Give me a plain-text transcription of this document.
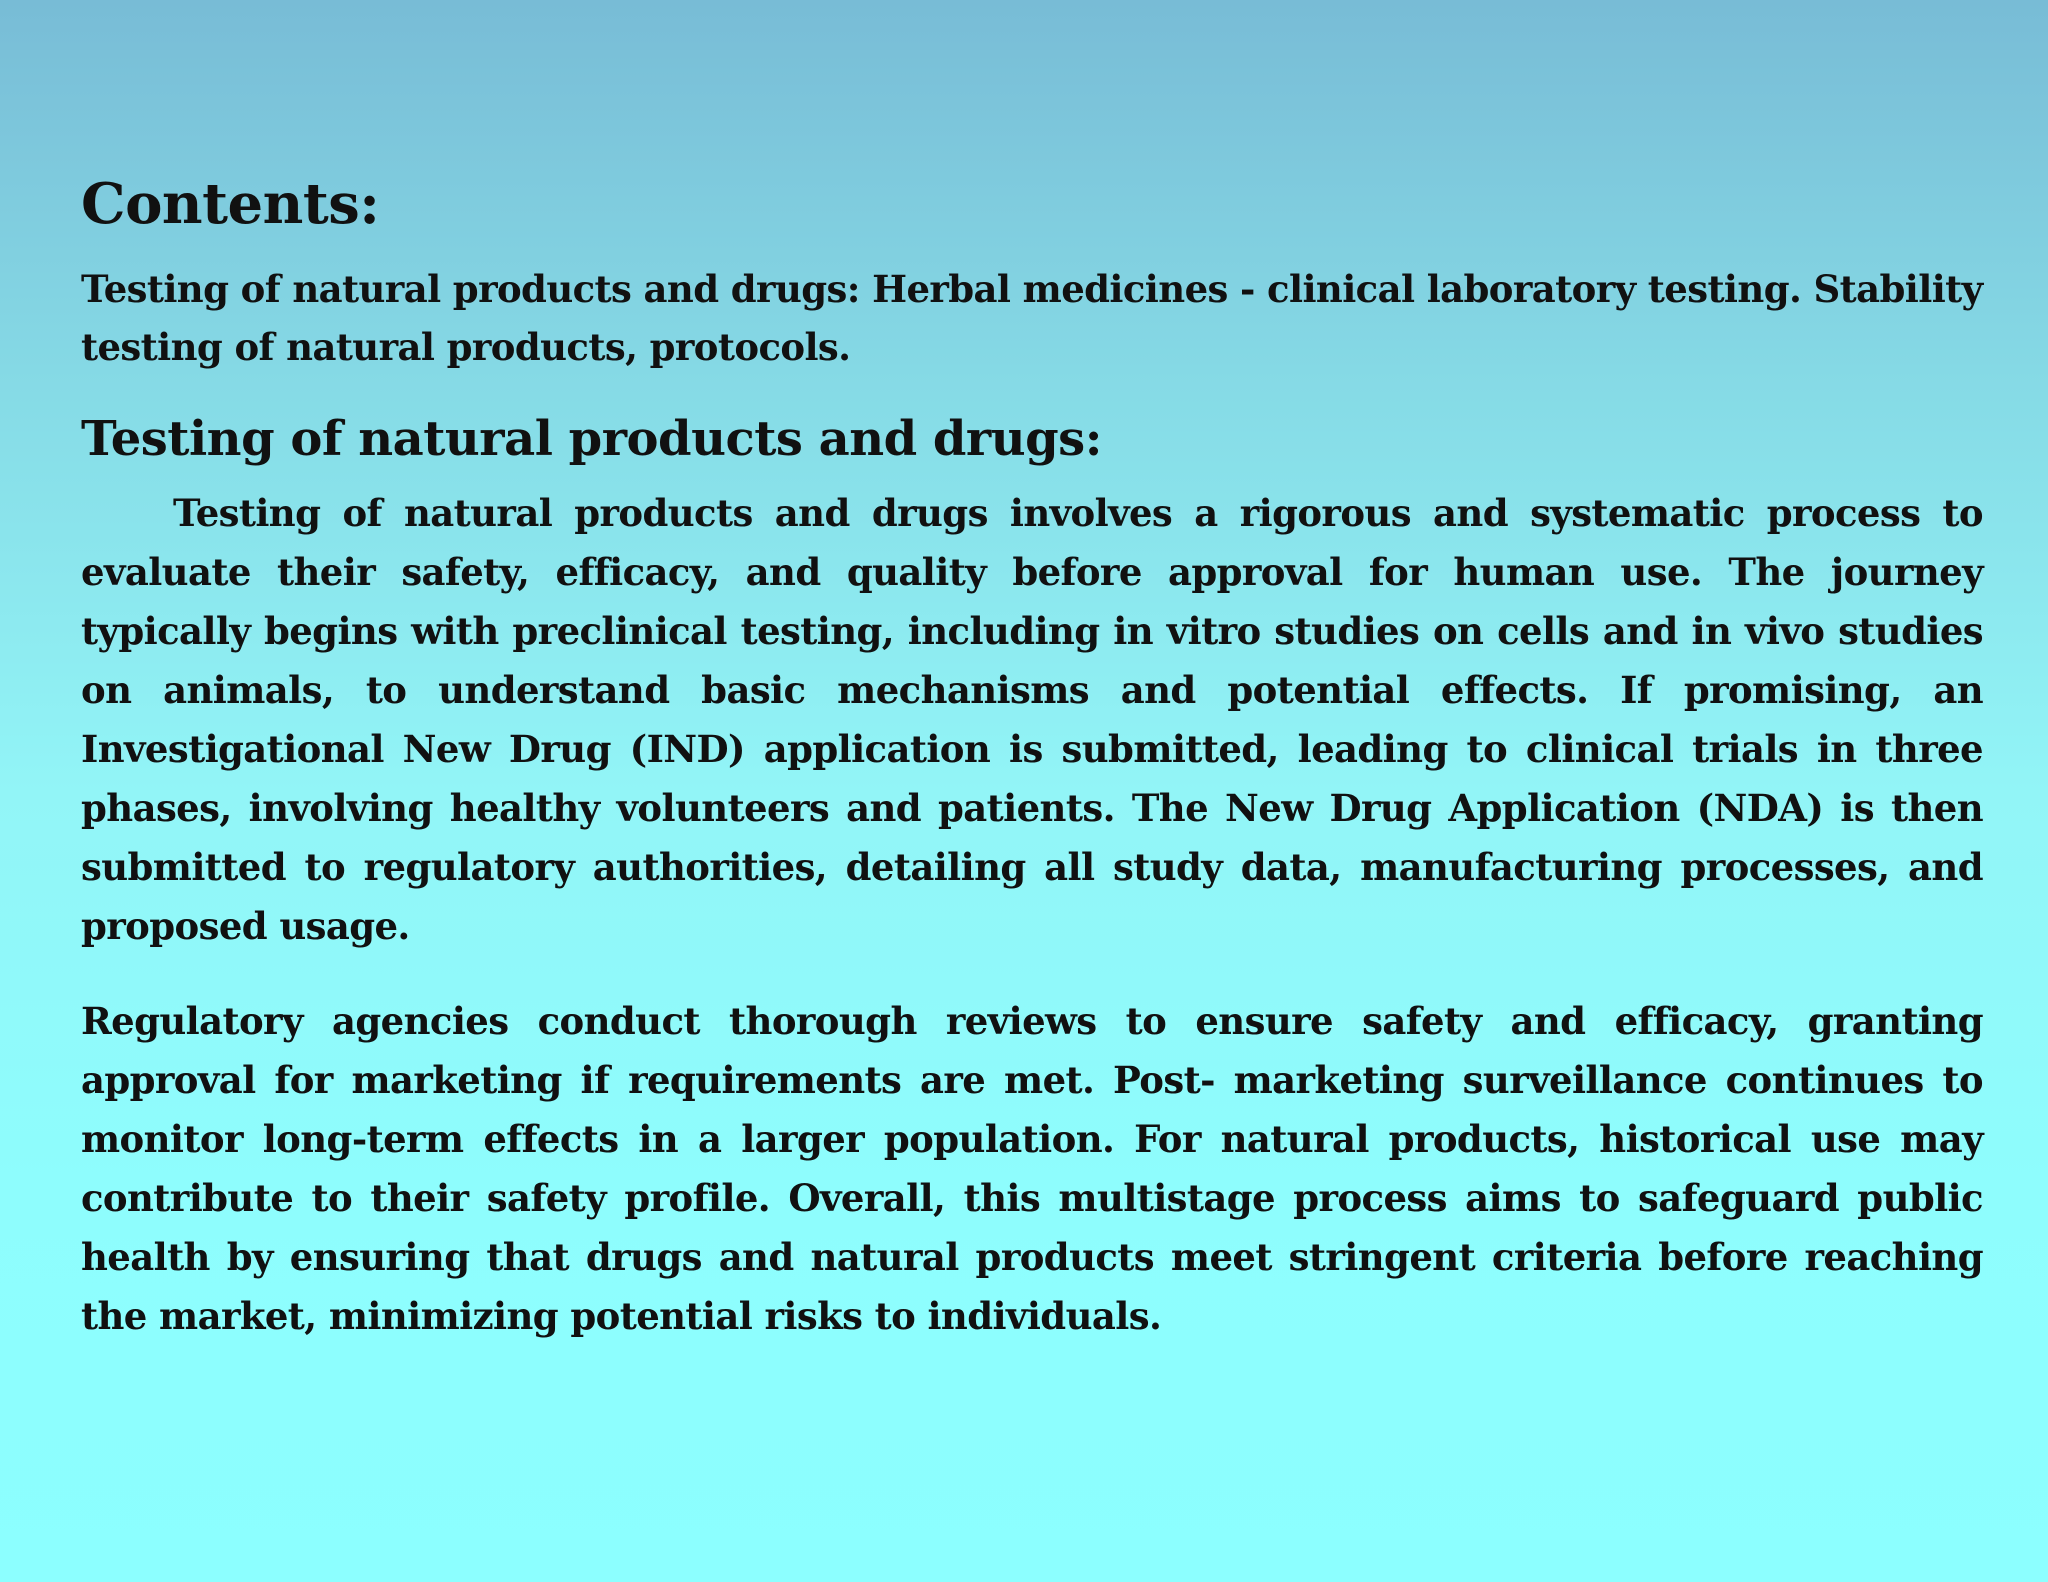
Contents:

Testing of natural products and drugs: Herbal medicines - clinical laboratory testing. Stability testing of natural products, protocols.

Testing of natural products and drugs:

Testing of natural products and drugs involves a rigorous and systematic process to evaluate their safety, efficacy, and quality before approval for human use. The journey typically begins with preclinical testing, including in vitro studies on cells and in vivo studies on animals, to understand basic mechanisms and potential effects. If promising, an Investigational New Drug (IND) application is submitted, leading to clinical trials in three phases, involving healthy volunteers and patients. The New Drug Application (NDA) is then submitted to regulatory authorities, detailing all study data, manufacturing processes, and proposed usage.

Regulatory agencies conduct thorough reviews to ensure safety and efficacy, granting approval for marketing if requirements are met. Post- marketing surveillance continues to monitor long-term effects in a larger population. For natural products, historical use may contribute to their safety profile. Overall, this multistage process aims to safeguard public health by ensuring that drugs and natural products meet stringent criteria before reaching the market, minimizing potential risks to individuals.
